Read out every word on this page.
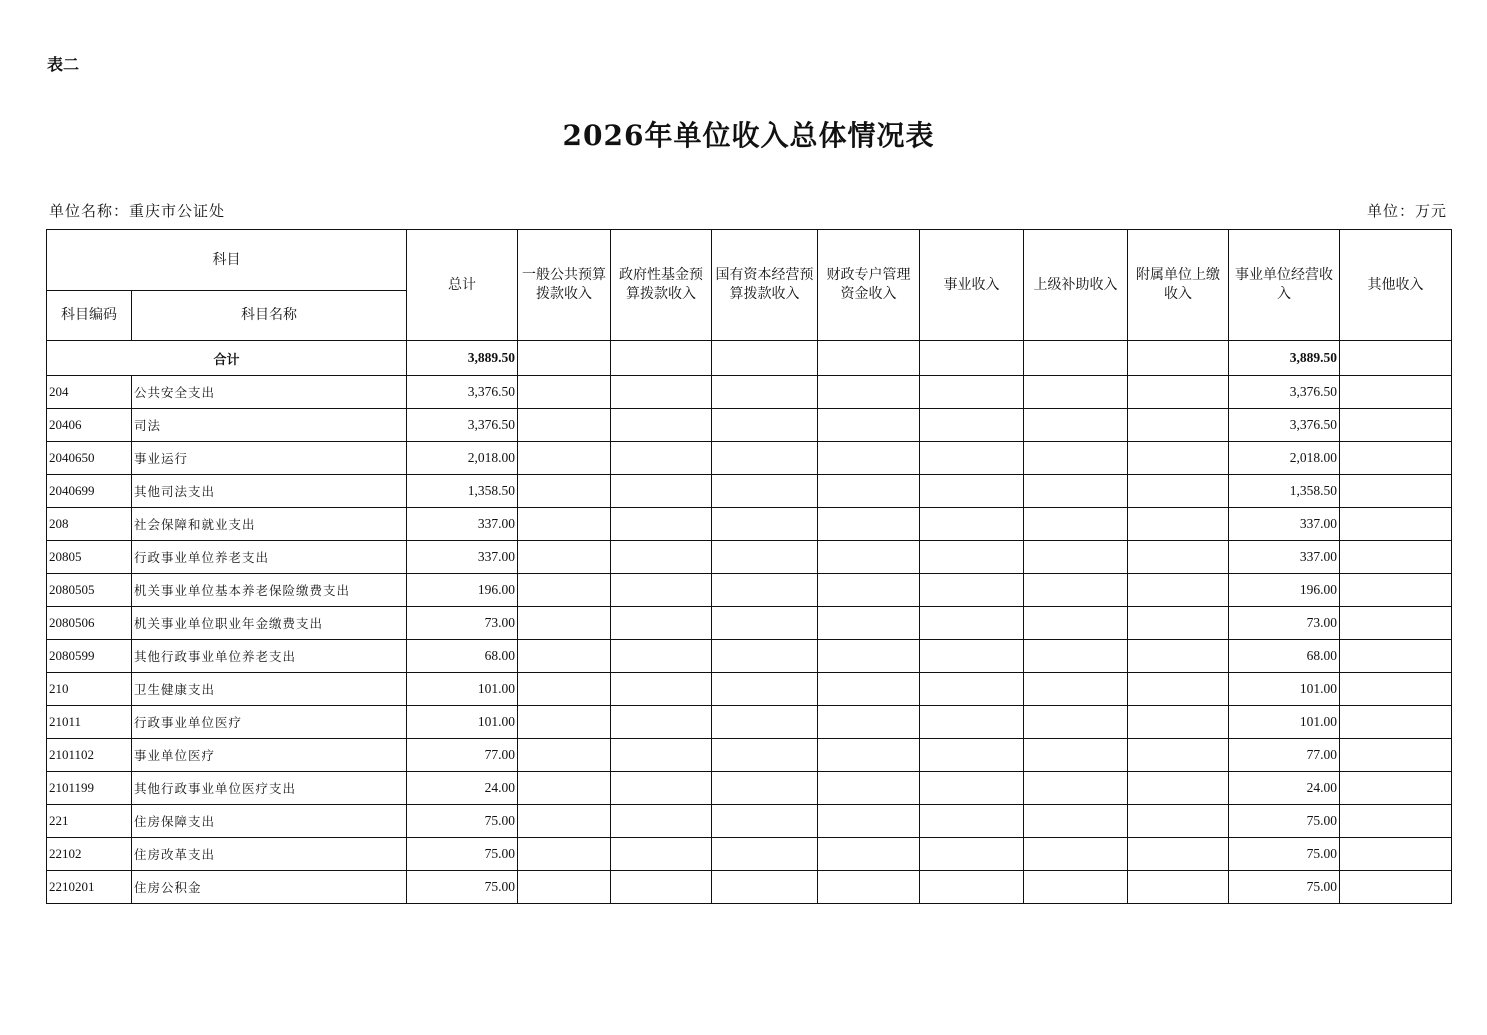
表二
2026年单位收入总体情况表
单位名称：重庆市公证处	单位：万元
科目		总计	一般公共预算拨款收入	政府性基金预算拨款收入	国有资本经营预算拨款收入	财政专户管理资金收入	事业收入	上级补助收入	附属单位上缴收入	事业单位经营收入	其他收入
科目编码	科目名称										
合计		3,889.50								3,889.50	
204	公共安全支出	3,376.50								3,376.50	
20406	司法	3,376.50								3,376.50	
2040650	事业运行	2,018.00								2,018.00	
2040699	其他司法支出	1,358.50								1,358.50	
208	社会保障和就业支出	337.00								337.00	
20805	行政事业单位养老支出	337.00								337.00	
2080505	机关事业单位基本养老保险缴费支出	196.00								196.00	
2080506	机关事业单位职业年金缴费支出	73.00								73.00	
2080599	其他行政事业单位养老支出	68.00								68.00	
210	卫生健康支出	101.00								101.00	
21011	行政事业单位医疗	101.00								101.00	
2101102	事业单位医疗	77.00								77.00	
2101199	其他行政事业单位医疗支出	24.00								24.00	
221	住房保障支出	75.00								75.00	
22102	住房改革支出	75.00								75.00	
2210201	住房公积金	75.00								75.00	
